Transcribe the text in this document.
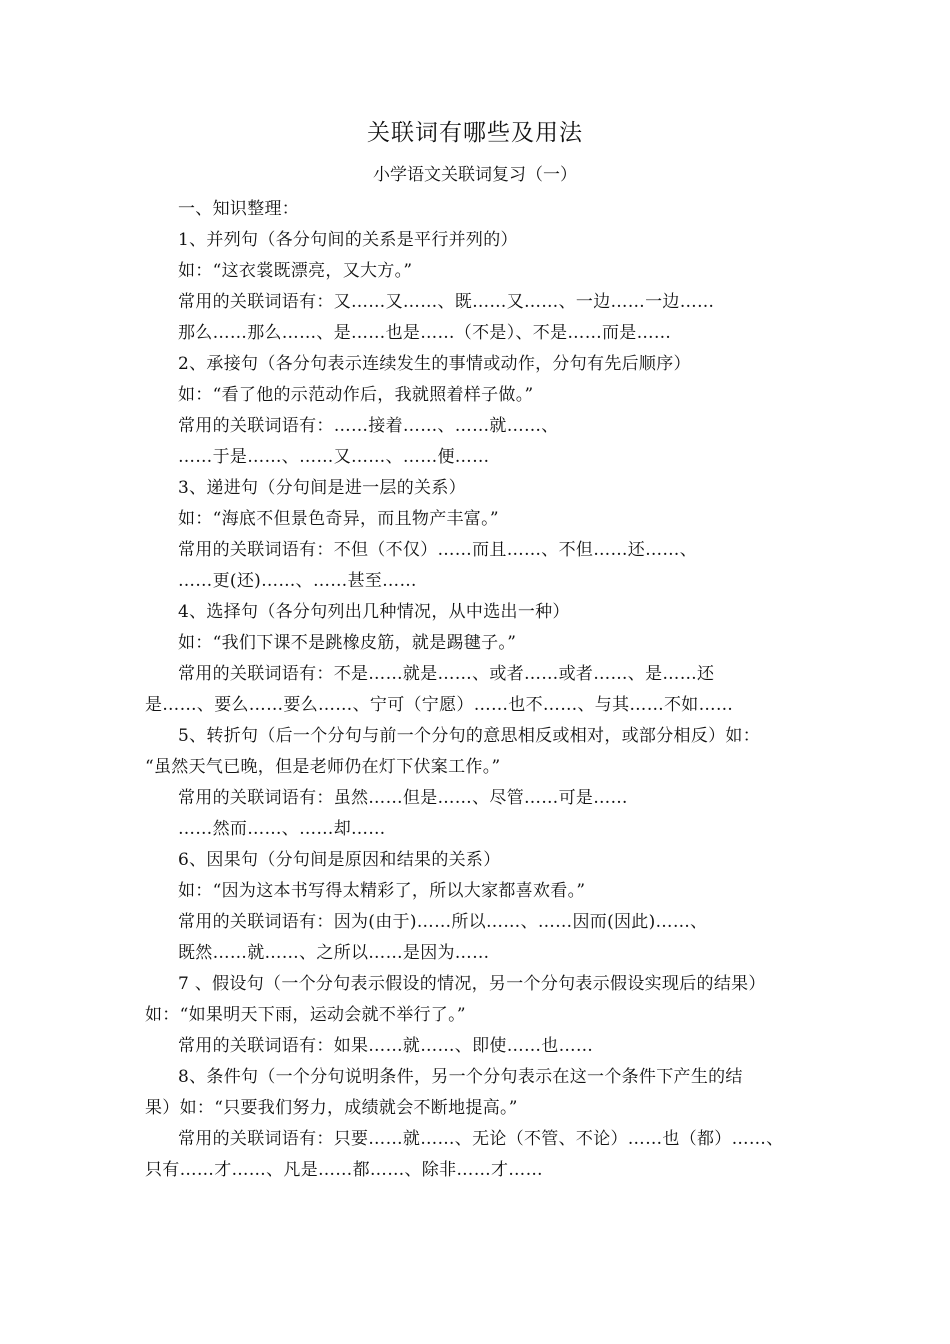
关联词有哪些及用法
小学语文关联词复习（一）
一、知识整理：
1、并列句（各分句间的关系是平行并列的）
如：“这衣裳既漂亮，又大方。”
常用的关联词语有：又……又……、既……又……、一边……一边……
那么……那么……、是……也是……（不是）、不是……而是……
2、承接句（各分句表示连续发生的事情或动作，分句有先后顺序）
如：“看了他的示范动作后，我就照着样子做。”
常用的关联词语有：……接着……、……就……、
……于是……、……又……、……便……
3、递进句（分句间是进一层的关系）
如：“海底不但景色奇异，而且物产丰富。”
常用的关联词语有：不但（不仅）……而且……、不但……还……、
……更(还)……、……甚至……
4、选择句（各分句列出几种情况，从中选出一种）
如：“我们下课不是跳橡皮筋，就是踢毽子。”
常用的关联词语有：不是……就是……、或者……或者……、是……还
是……、要么……要么……、宁可（宁愿）……也不……、与其……不如……
5、转折句（后一个分句与前一个分句的意思相反或相对，或部分相反）如：
“虽然天气已晚，但是老师仍在灯下伏案工作。”
常用的关联词语有：虽然……但是……、尽管……可是……
……然而……、……却……
6、因果句（分句间是原因和结果的关系）
如：“因为这本书写得太精彩了，所以大家都喜欢看。”
常用的关联词语有：因为(由于)……所以……、……因而(因此)……、
既然……就……、之所以……是因为……
7 、假设句（一个分句表示假设的情况，另一个分句表示假设实现后的结果）
如：“如果明天下雨，运动会就不举行了。”
常用的关联词语有：如果……就……、即使……也……
8、条件句（一个分句说明条件，另一个分句表示在这一个条件下产生的结
果）如：“只要我们努力，成绩就会不断地提高。”
常用的关联词语有：只要……就……、无论（不管、不论）……也（都）……、
只有……才……、凡是……都……、除非……才……
